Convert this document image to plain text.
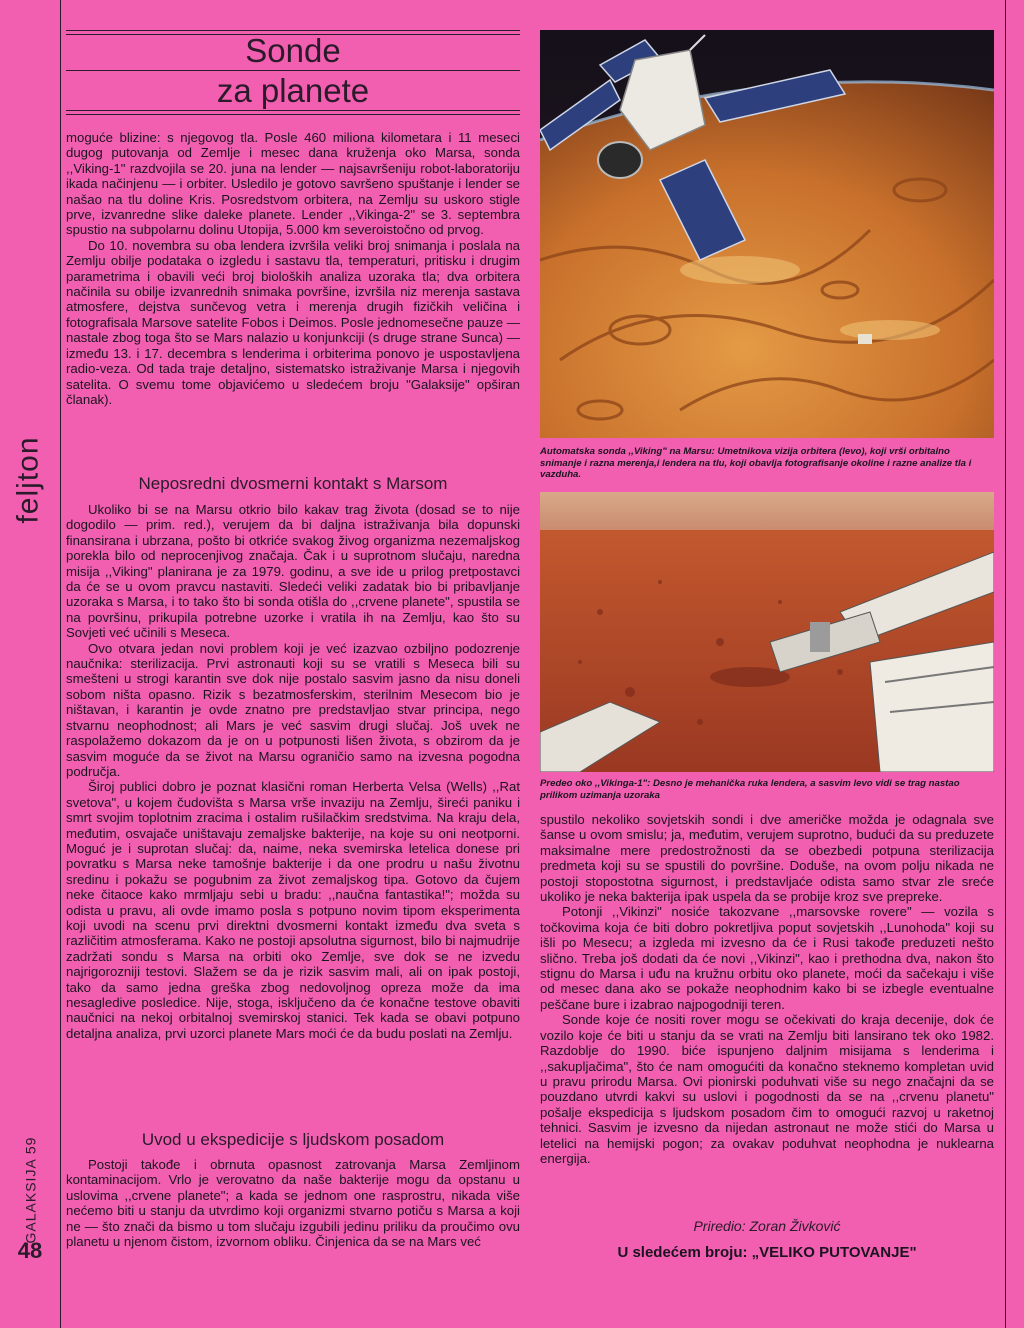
feljton
GALAKSIJA 59
48
Sonde
za planete

moguće blizine: s njegovog tla. Posle 460 miliona kilometara i 11 meseci dugog putovanja od Zemlje i mesec dana kruženja oko Marsa, sonda ,,Viking-1" razdvojila se 20. juna na lender — najsavršeniju robot-laboratoriju ikada načinjenu — i orbiter. Usledilo je gotovo savršeno spuštanje i lender se našao na tlu doline Kris. Posredstvom orbitera, na Zemlju su uskoro stigle prve, izvanredne slike daleke planete. Lender ,,Vikinga-2" se 3. septembra spustio na subpolarnu dolinu Utopija, 5.000 km severoistočno od prvog.

Do 10. novembra su oba lendera izvršila veliki broj snimanja i poslala na Zemlju obilje podataka o izgledu i sastavu tla, temperaturi, pritisku i drugim parametrima i obavili veći broj bioloških analiza uzoraka tla; dva orbitera načinila su obilje izvanrednih snimaka površine, izvršila niz merenja sastava atmosfere, dejstva sunčevog vetra i merenja drugih fizičkih veličina i fotografisala Marsove satelite Fobos i Deimos. Posle jednomesečne pauze — nastale zbog toga što se Mars nalazio u konjunkciji (s druge strane Sunca) — između 13. i 17. decembra s lenderima i orbiterima ponovo je uspostavljena radio-veza. Od tada traje detaljno, sistematsko istraživanje Marsa i njegovih satelita. O svemu tome objavićemo u sledećem broju "Galaksije" opširan članak).

Neposredni dvosmerni kontakt s Marsom

Ukoliko bi se na Marsu otkrio bilo kakav trag života (dosad se to nije dogodilo — prim. red.), verujem da bi daljna istraživanja bila dopunski finansirana i ubrzana, pošto bi otkriće svakog živog organizma nezemaljskog porekla bilo od neprocenjivog značaja. Čak i u suprotnom slučaju, naredna misija ,,Viking" planirana je za 1979. godinu, a sve ide u prilog pretpostavci da će se u ovom pravcu nastaviti. Sledeći veliki zadatak bio bi pribavljanje uzoraka s Marsa, i to tako što bi sonda otišla do ,,crvene planete", spustila se na površinu, prikupila potrebne uzorke i vratila ih na Zemlju, kao što su Sovjeti već učinili s Meseca.

Ovo otvara jedan novi problem koji je već izazvao ozbiljno podozrenje naučnika: sterilizacija. Prvi astronauti koji su se vratili s Meseca bili su smešteni u strogi karantin sve dok nije postalo sasvim jasno da nisu doneli sobom ništa opasno. Rizik s bezatmosferskim, sterilnim Mesecom bio je ništavan, i karantin je ovde znatno pre predstavljao stvar principa, nego stvarnu neophodnost; ali Mars je već sasvim drugi slučaj. Još uvek ne raspolažemo dokazom da je on u potpunosti lišen života, s obzirom da je sasvim moguće da se život na Marsu ograničio samo na izvesna pogodna područja.

Široj publici dobro je poznat klasični roman Herberta Velsa (Wells) ,,Rat svetova", u kojem čudovišta s Marsa vrše invaziju na Zemlju, šireći paniku i smrt svojim toplotnim zracima i ostalim rušilačkim sredstvima. Na kraju dela, međutim, osvajače uništavaju zemaljske bakterije, na koje su oni neotporni. Moguć je i suprotan slučaj: da, naime, neka svemirska letelica donese pri povratku s Marsa neke tamošnje bakterije i da one prodru u našu životnu sredinu i pokažu se pogubnim za život zemaljskog tipa. Gotovo da čujem neke čitaoce kako mrmljaju sebi u bradu: ,,naučna fantastika!"; možda su odista u pravu, ali ovde imamo posla s potpuno novim tipom eksperimenta koji uvodi na scenu prvi direktni dvosmerni kontakt između dva sveta s različitim atmosferama. Kako ne postoji apsolutna sigurnost, bilo bi najmudrije zadržati sondu s Marsa na orbiti oko Zemlje, sve dok se ne izvedu najrigorozniji testovi. Slažem se da je rizik sasvim mali, ali on ipak postoji, tako da samo jedna greška zbog nedovoljnog opreza može da ima nesagledive posledice. Nije, stoga, isključeno da će konačne testove obaviti naučnici na nekoj orbitalnoj svemirskoj stanici. Tek kada se obavi potpuno detaljna analiza, prvi uzorci planete Mars moći će da budu poslati na Zemlju.

Uvod u ekspedicije s ljudskom posadom

Postoji takođe i obrnuta opasnost zatrovanja Marsa Zemljinom kontaminacijom. Vrlo je verovatno da naše bakterije mogu da opstanu u uslovima ,,crvene planete"; a kada se jednom one rasprostru, nikada više nećemo biti u stanju da utvrdimo koji organizmi stvarno potiču s Marsa a koji ne — što znači da bismo u tom slučaju izgubili jedinu priliku da proučimo ovu planetu u njenom čistom, izvornom obliku. Činjenica da se na Mars već

Automatska sonda ,,Viking" na Marsu: Umetnikova vizija orbitera (levo), koji vrši orbitalno snimanje i razna merenja,i lendera na tlu, koji obavlja fotografisanje okoline i razne analize tla i vazduha.
Predeo oko ,,Vikinga-1": Desno je mehanička ruka lendera, a sasvim levo vidi se trag nastao prilikom uzimanja uzoraka

spustilo nekoliko sovjetskih sondi i dve američke možda je odagnala sve šanse u ovom smislu; ja, međutim, verujem suprotno, budući da su preduzete maksimalne mere predostrožnosti da se obezbedi potpuna sterilizacija predmeta koji su se spustili do površine. Doduše, na ovom polju nikada ne postoji stopostotna sigurnost, i predstavljaće odista samo stvar zle sreće ukoliko je neka bakterija ipak uspela da se probije kroz sve prepreke.

Potonji ,,Vikinzi" nosiće takozvane ,,marsovske rovere" — vozila s točkovima koja će biti dobro pokretljiva poput sovjetskih ,,Lunohoda" koji su išli po Mesecu; a izgleda mi izvesno da će i Rusi takođe preduzeti nešto slično. Treba još dodati da će novi ,,Vikinzi", kao i prethodna dva, nakon što stignu do Marsa i uđu na kružnu orbitu oko planete, moći da sačekaju i više od mesec dana ako se pokaže neophodnim kako bi se izbegle eventualne peščane bure i izabrao najpogodniji teren.

Sonde koje će nositi rover mogu se očekivati do kraja decenije, dok će vozilo koje će biti u stanju da se vrati na Zemlju biti lansirano tek oko 1982. Razdoblje do 1990. biće ispunjeno daljnim misijama s lenderima i ,,sakupljačima", što će nam omogućiti da konačno steknemo kompletan uvid u pravu prirodu Marsa. Ovi pionirski poduhvati više su nego značajni da se pouzdano utvrdi kakvi su uslovi i pogodnosti da se na ,,crvenu planetu" pošalje ekspedicija s ljudskom posadom čim to omogući razvoj u raketnoj tehnici. Sasvim je izvesno da nijedan astronaut ne može stići do Marsa u letelici na hemijski pogon; za ovakav poduhvat neophodna je nuklearna energija.

Priredio: Zoran Živković
U sledećem broju: „VELIKO PUTOVANJE"
